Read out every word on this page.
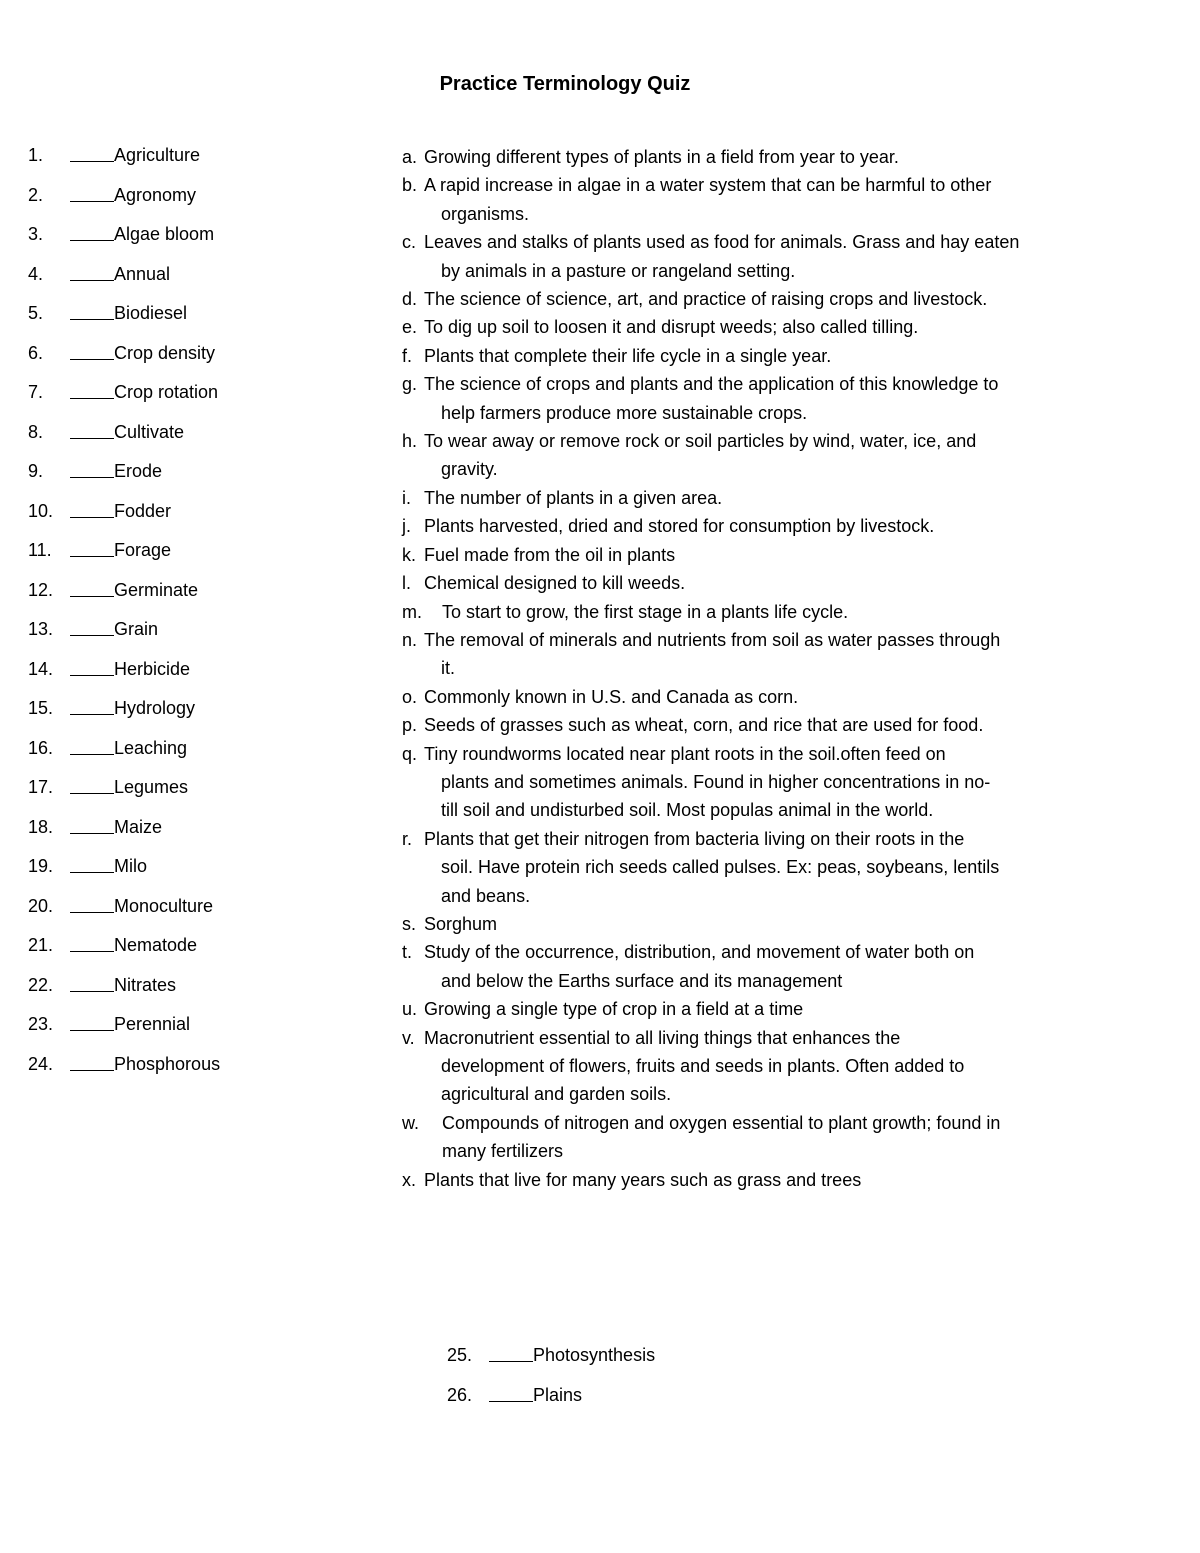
Practice Terminology Quiz
1.	Agriculture
2.	Agronomy
3.	Algae bloom
4.	Annual
5.	Biodiesel
6.	Crop density
7.	Crop rotation
8.	Cultivate
9.	Erode
10.	Fodder
11.	Forage
12.	Germinate
13.	Grain
14.	Herbicide
15.	Hydrology
16.	Leaching
17.	Legumes
18.	Maize
19.	Milo
20.	Monoculture
21.	Nematode
22.	Nitrates
23.	Perennial
24.	Phosphorous
a. Growing different types of plants in a field from year to year.
b. A rapid increase in algae in a water system that can be harmful to other
organisms.
c. Leaves and stalks of plants used as food for animals. Grass and hay eaten
by animals in a pasture or rangeland setting.
d. The science of science, art, and practice of raising crops and livestock.
e. To dig up soil to loosen it and disrupt weeds; also called tilling.
f. Plants that complete their life cycle in a single year.
g. The science of crops and plants and the application of this knowledge to
help farmers produce more sustainable crops.
h. To wear away or remove rock or soil particles by wind, water, ice, and
gravity.
i. The number of plants in a given area.
j. Plants harvested, dried and stored for consumption by livestock.
k. Fuel made from the oil in plants
l. Chemical designed to kill weeds.
m.	To start to grow, the first stage in a plants life cycle.
n. The removal of minerals and nutrients from soil as water passes through
it.
o. Commonly known in U.S. and Canada as corn.
p. Seeds of grasses such as wheat, corn, and rice that are used for food.
q. Tiny roundworms located near plant roots in the soil.often feed on
plants and sometimes animals. Found in higher concentrations in no-
till soil and undisturbed soil. Most populas animal in the world.
r. Plants that get their nitrogen from bacteria living on their roots in the
soil. Have protein rich seeds called pulses. Ex: peas, soybeans, lentils
and beans.
s. Sorghum
t. Study of the occurrence, distribution, and movement of water both on
and below the Earths surface and its management
u. Growing a single type of crop in a field at a time
v. Macronutrient essential to all living things that enhances the
development of flowers, fruits and seeds in plants. Often added to
agricultural and garden soils.
w.	Compounds of nitrogen and oxygen essential to plant growth; found in
many fertilizers
x. Plants that live for many years such as grass and trees
25.	Photosynthesis
26.	Plains
